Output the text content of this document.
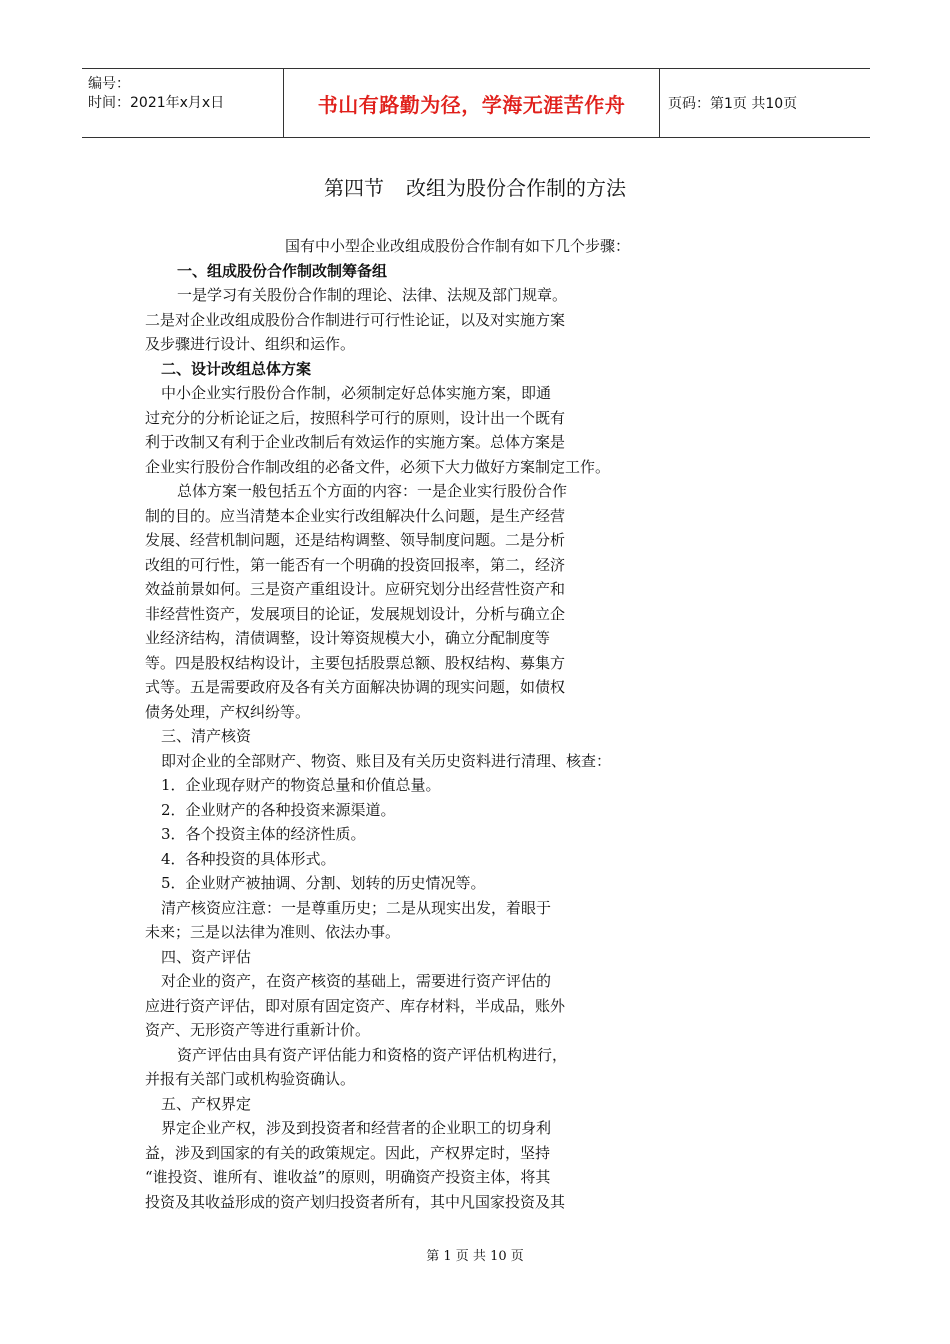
编号：
时间：2021年x月x日	书山有路勤为径，学海无涯苦作舟	页码：第1页 共10页
第四节 改组为股份合作制的方法
国有中小型企业改组成股份合作制有如下几个步骤：
一、组成股份合作制改制筹备组
一是学习有关股份合作制的理论、法律、法规及部门规章。
二是对企业改组成股份合作制进行可行性论证，以及对实施方案
及步骤进行设计、组织和运作。
二、设计改组总体方案
中小企业实行股份合作制，必须制定好总体实施方案，即通
过充分的分析论证之后，按照科学可行的原则，设计出一个既有
利于改制又有利于企业改制后有效运作的实施方案。总体方案是
企业实行股份合作制改组的必备文件，必须下大力做好方案制定工作。
总体方案一般包括五个方面的内容：一是企业实行股份合作
制的目的。应当清楚本企业实行改组解决什么问题，是生产经营
发展、经营机制问题，还是结构调整、领导制度问题。二是分析
改组的可行性，第一能否有一个明确的投资回报率，第二，经济
效益前景如何。三是资产重组设计。应研究划分出经营性资产和
非经营性资产，发展项目的论证，发展规划设计，分析与确立企
业经济结构，清债调整，设计筹资规模大小，确立分配制度等
等。四是股权结构设计，主要包括股票总额、股权结构、募集方
式等。五是需要政府及各有关方面解决协调的现实问题，如债权
债务处理，产权纠纷等。
三、清产核资
即对企业的全部财产、物资、账目及有关历史资料进行清理、核查：
1．企业现存财产的物资总量和价值总量。
2．企业财产的各种投资来源渠道。
3．各个投资主体的经济性质。
4．各种投资的具体形式。
5．企业财产被抽调、分割、划转的历史情况等。
清产核资应注意：一是尊重历史；二是从现实出发，着眼于
未来；三是以法律为准则、依法办事。
四、资产评估
对企业的资产，在资产核资的基础上，需要进行资产评估的
应进行资产评估，即对原有固定资产、库存材料，半成品，账外
资产、无形资产等进行重新计价。
资产评估由具有资产评估能力和资格的资产评估机构进行，
并报有关部门或机构验资确认。
五、产权界定
界定企业产权，涉及到投资者和经营者的企业职工的切身利
益，涉及到国家的有关的政策规定。因此，产权界定时，坚持
“谁投资、谁所有、谁收益”的原则，明确资产投资主体，将其
投资及其收益形成的资产划归投资者所有，其中凡国家投资及其
第 1 页 共 10 页
